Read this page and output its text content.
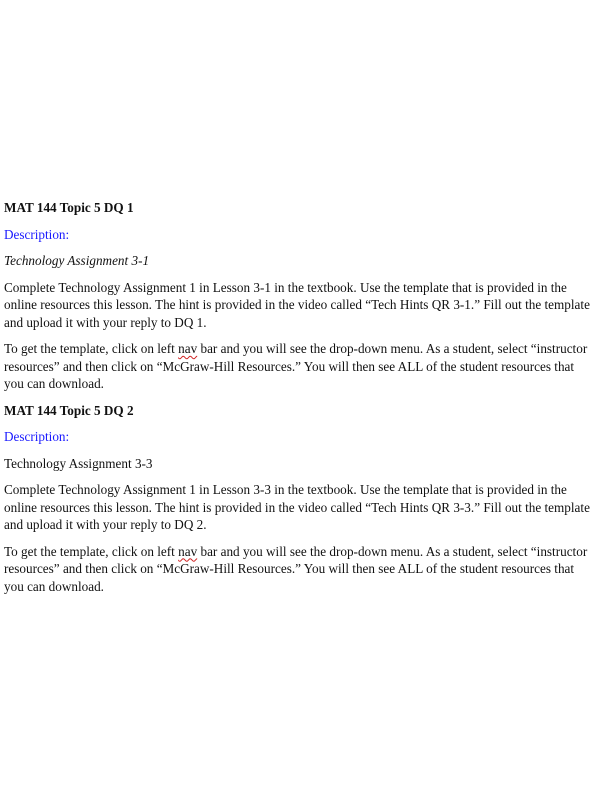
MAT 144 Topic 5 DQ 1
Description:
Technology Assignment 3-1

Complete Technology Assignment 1 in Lesson 3-1 in the textbook. Use the template that is provided in the online resources this lesson. The hint is provided in the video called “Tech Hints QR 3-1.” Fill out the template and upload it with your reply to DQ 1.

To get the template, click on left nav bar and you will see the drop-down menu. As a student, select “instructor resources” and then click on “McGraw-Hill Resources.” You will then see ALL of the student resources that you can download.

MAT 144 Topic 5 DQ 2
Description:
Technology Assignment 3-3

Complete Technology Assignment 1 in Lesson 3-3 in the textbook. Use the template that is provided in the online resources this lesson. The hint is provided in the video called “Tech Hints QR 3-3.” Fill out the template and upload it with your reply to DQ 2.

To get the template, click on left nav bar and you will see the drop-down menu. As a student, select “instructor resources” and then click on “McGraw-Hill Resources.” You will then see ALL of the student resources that you can download.
